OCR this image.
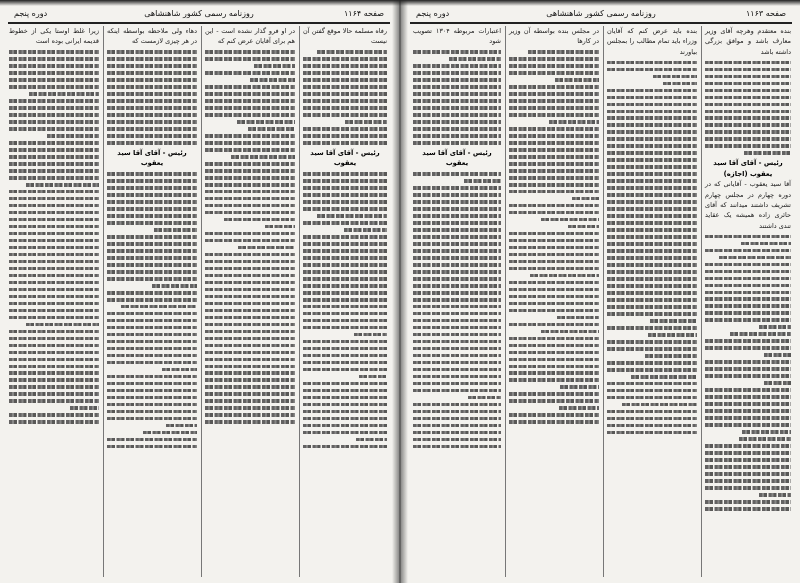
صفحه ۱۱۶۴
روزنامه رسمی کشور شاهنشاهی
دوره پنجم

زیرا غلط اوستا یکی از خطوط قدیمه ایرانی بوده است

دهاء ولی ملاحظه بواسطه اینکه در هر چیزی لازمست که

رئیس - آقای آقا سید یعقوب

در او فرو گذار نشده است - این هم برای آقایان عرض کنم که

رفاه مسلمه حالا موقع گفتن آن نیست

رئیس - آقای آقا سید یعقوب

صفحه ۱۱۶۳
روزنامه رسمی کشور شاهنشاهی
دوره پنجم

اعتبارات مربوطه ۱۳۰۴ تصویب شود

رئیس - آقای آقا سید یعقوب

در مجلس بنده بواسطه آن وزیر در کارها

بنده باید عرض کنم که آقایان وزراء باید تمام مطالب را بمجلس بیاورند

بنده معتقدم وهرچه آقای وزیر معارف باشد و موافق بزرگی داشته باشد

رئیس - آقای آقا سید یعقوب (اجازه)

آقا سید یعقوب - آقایانی که در دوره چهارم در مجلس چهارم تشریف داشتند میدانند که آقای حائری زاده همیشه یک عقاید تندی داشتند
